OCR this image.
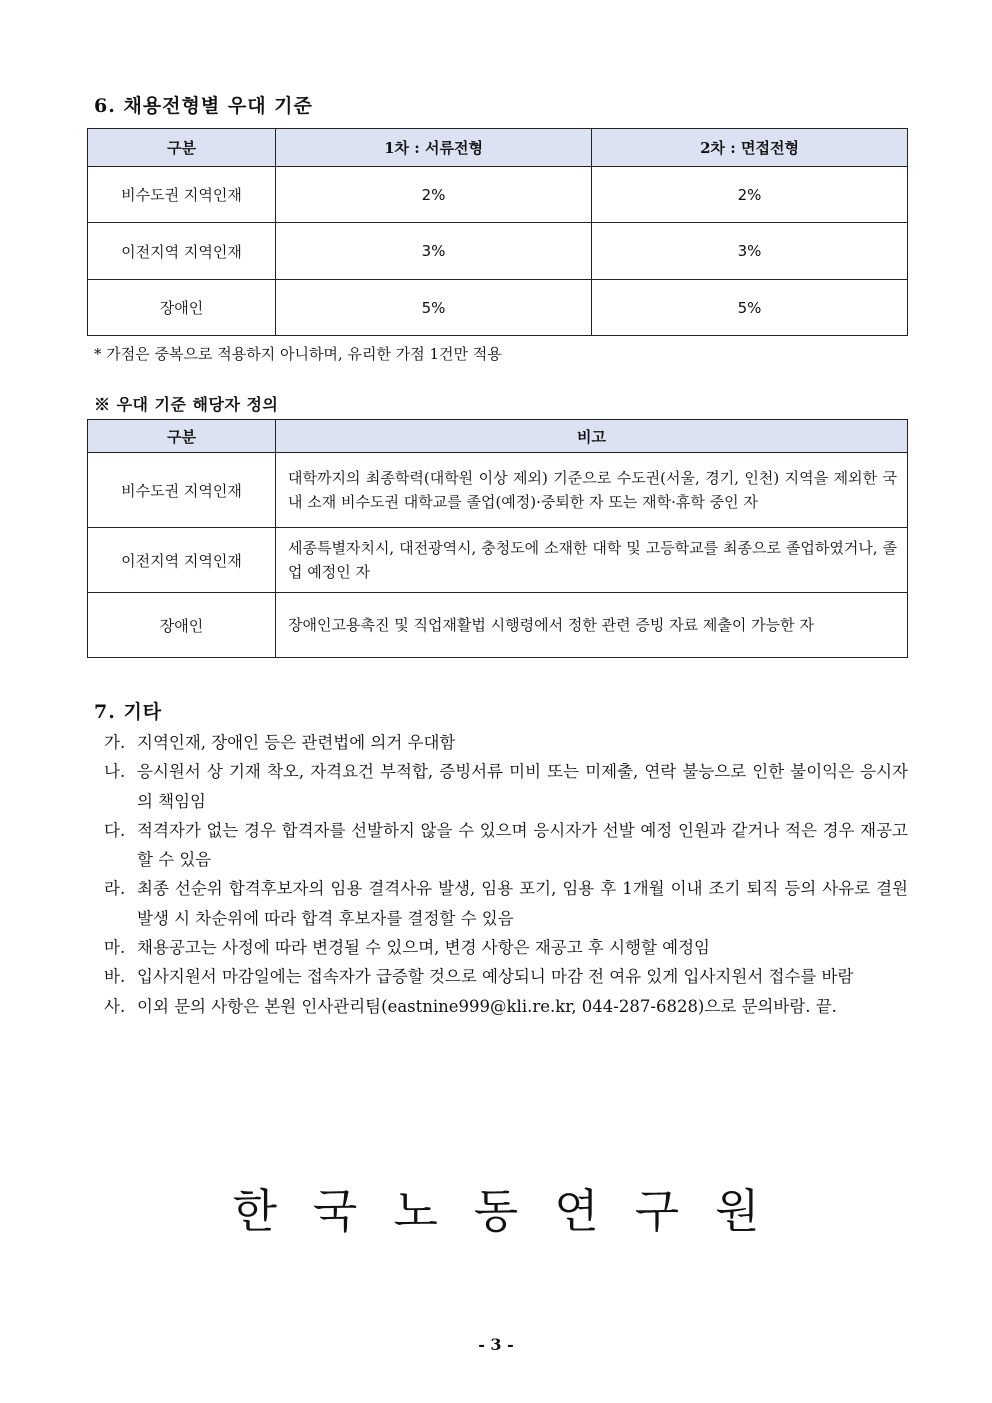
6. 채용전형별 우대 기준
구분	1차 : 서류전형	2차 : 면접전형
비수도권 지역인재	2%	2%
이전지역 지역인재	3%	3%
장애인	5%	5%
* 가점은 중복으로 적용하지 아니하며, 유리한 가점 1건만 적용
※ 우대 기준 해당자 정의
구분	비고
비수도권 지역인재	대학까지의 최종학력(대학원 이상 제외) 기준으로 수도권(서울, 경기, 인천) 지역을 제외한 국내 소재 비수도권 대학교를 졸업(예정)·중퇴한 자 또는 재학·휴학 중인 자
이전지역 지역인재	세종특별자치시, 대전광역시, 충청도에 소재한 대학 및 고등학교를 최종으로 졸업하였거나, 졸업 예정인 자
장애인	장애인고용촉진 및 직업재활법 시행령에서 정한 관련 증빙 자료 제출이 가능한 자
7. 기타
가. 지역인재, 장애인 등은 관련법에 의거 우대함
나. 응시원서 상 기재 착오, 자격요건 부적합, 증빙서류 미비 또는 미제출, 연락 불능으로 인한 불이익은 응시자의 책임임
다. 적격자가 없는 경우 합격자를 선발하지 않을 수 있으며 응시자가 선발 예정 인원과 같거나 적은 경우 재공고할 수 있음
라. 최종 선순위 합격후보자의 임용 결격사유 발생, 임용 포기, 임용 후 1개월 이내 조기 퇴직 등의 사유로 결원 발생 시 차순위에 따라 합격 후보자를 결정할 수 있음
마. 채용공고는 사정에 따라 변경될 수 있으며, 변경 사항은 재공고 후 시행할 예정임
바. 입사지원서 마감일에는 접속자가 급증할 것으로 예상되니 마감 전 여유 있게 입사지원서 접수를 바람
사. 이외 문의 사항은 본원 인사관리팀(eastnine999@kli.re.kr, 044-287-6828)으로 문의바람. 끝.
한국노동연구원
- 3 -
